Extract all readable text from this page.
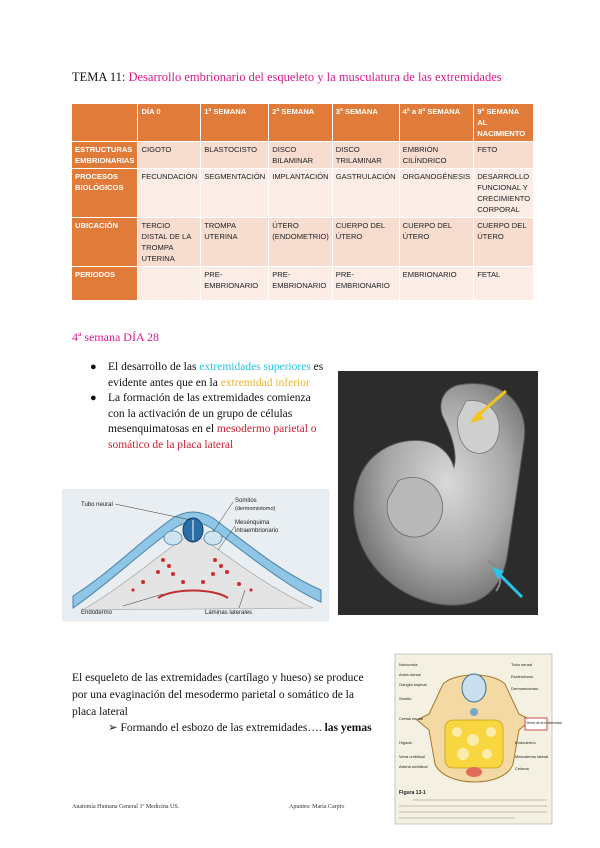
TEMA 11: Desarrollo embrionario del esqueleto y la musculatura de las extremidades
	DÍA 0	1ª SEMANA	2ª SEMANA	3ª SEMANA	4ª a 8ª SEMANA	9ª SEMANA AL NACIMIENTO
ESTRUCTURAS EMBRIONARIAS	CIGOTO	BLASTOCISTO	DISCO BILAMINAR	DISCO TRILAMINAR	EMBRIÓN CILÍNDRICO	FETO
PROCESOS BIOLÓGICOS	FECUNDACIÓN	SEGMENTACIÓN	IMPLANTACIÓN	GASTRULACIÓN	ORGANOGÉNESIS	DESARROLLO FUNCIONAL Y CRECIMIENTO CORPORAL
UBICACIÓN	TERCIO DISTAL DE LA TROMPA UTERINA	TROMPA UTERINA	ÚTERO (ENDOMETRIO)	CUERPO DEL ÚTERO	CUERPO DEL ÚTERO	CUERPO DEL ÚTERO
PERIODOS		PRE-EMBRIONARIO	PRE-EMBRIONARIO	PRE-EMBRIONARIO	EMBRIONARIO	FETAL
4ª semana DÍA 28
● El desarrollo de las extremidades superiores es evidente antes que en la extremidad inferior
● La formación de las extremidades comienza con la activación de un grupo de células mesenquimatosas en el mesodermo parietal o somático de la placa lateral
Tubo neural
Somitos
(dermomiotomo)
Mesénquima
intraembrionario
Endodermo	Láminas laterales
El esqueleto de las extremidades (cartílago y hueso) se produce por una evaginación del mesodermo parietal o somático de la placa lateral
➢ Formando el esbozo de las extremidades…. las yemas
Notocorda
Aorta dorsal
Ganglio espinal
Somito
Cresta neural
Hígado
Vena umbilical
Arteria umbilical
Tubo neural
Esclerotomo
Dermomiotomo
Yema de la extremidad
Endodermo
Mesodermo lateral
Celoma
Figura 13-1
Anatomía Humana General 1º Medicina US.	Apuntes: María Carpio
